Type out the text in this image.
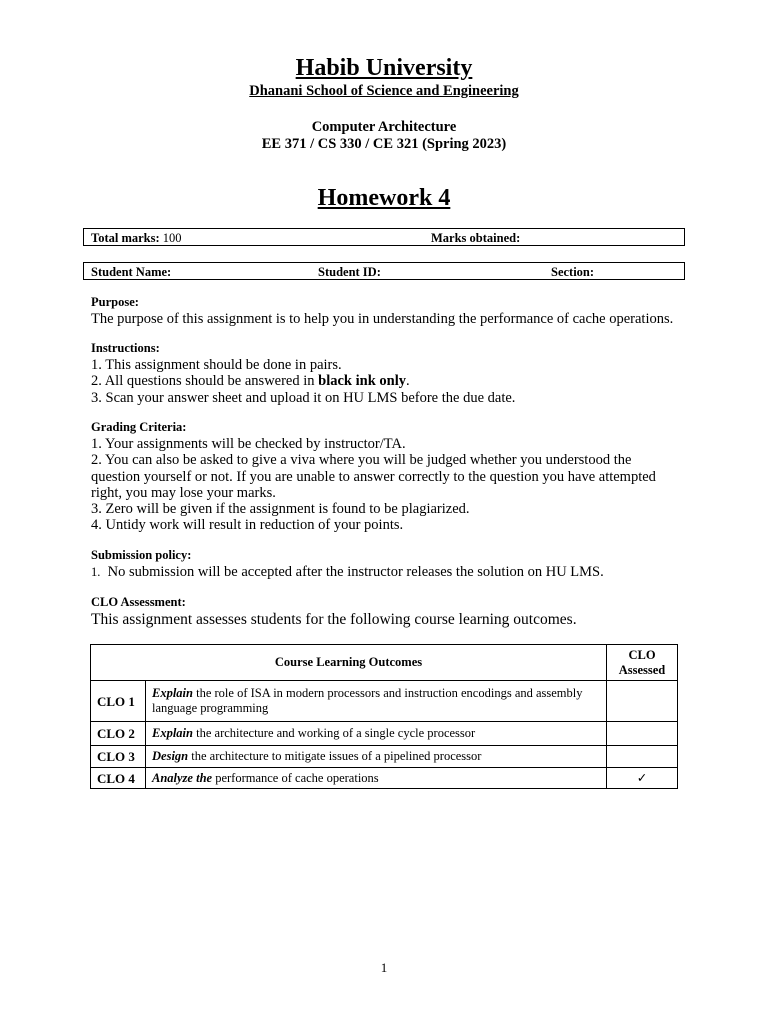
Habib University
Dhanani School of Science and Engineering
Computer Architecture
EE 371 / CS 330 / CE 321 (Spring 2023)
Homework 4
Total marks: 100	Marks obtained:
Student Name:	Student ID:	Section:
Purpose:
The purpose of this assignment is to help you in understanding the performance of cache operations.
Instructions:
1. This assignment should be done in pairs.
2. All questions should be answered in black ink only.
3. Scan your answer sheet and upload it on HU LMS before the due date.
Grading Criteria:
1. Your assignments will be checked by instructor/TA.
2. You can also be asked to give a viva where you will be judged whether you understood the question yourself or not. If you are unable to answer correctly to the question you have attempted right, you may lose your marks.
3. Zero will be given if the assignment is found to be plagiarized.
4. Untidy work will result in reduction of your points.
Submission policy:
1. No submission will be accepted after the instructor releases the solution on HU LMS.
CLO Assessment:
This assignment assesses students for the following course learning outcomes.
Course Learning Outcomes		CLO
Assessed

CLO 1	Explain the role of ISA in modern processors and instruction encodings and assembly language programming	
CLO 2	Explain the architecture and working of a single cycle processor	
CLO 3	Design the architecture to mitigate issues of a pipelined processor	
CLO 4	Analyze the performance of cache operations	✓
1
